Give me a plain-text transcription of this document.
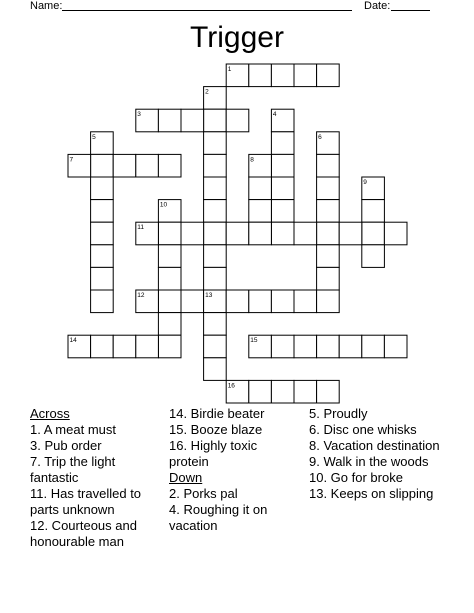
Name:	Date:
Trigger
1
2
3	4
5	6
7	8
9
10
11
12	13
14	15
16
Across
1. A meat must
3. Pub order
7. Trip the light fantastic
11. Has travelled to parts unknown
12. Courteous and honourable man
14. Birdie beater
15. Booze blaze
16. Highly toxic protein
Down
2. Porks pal
4. Roughing it on vacation
5. Proudly
6. Disc one whisks
8. Vacation destination
9. Walk in the woods
10. Go for broke
13. Keeps on slipping
